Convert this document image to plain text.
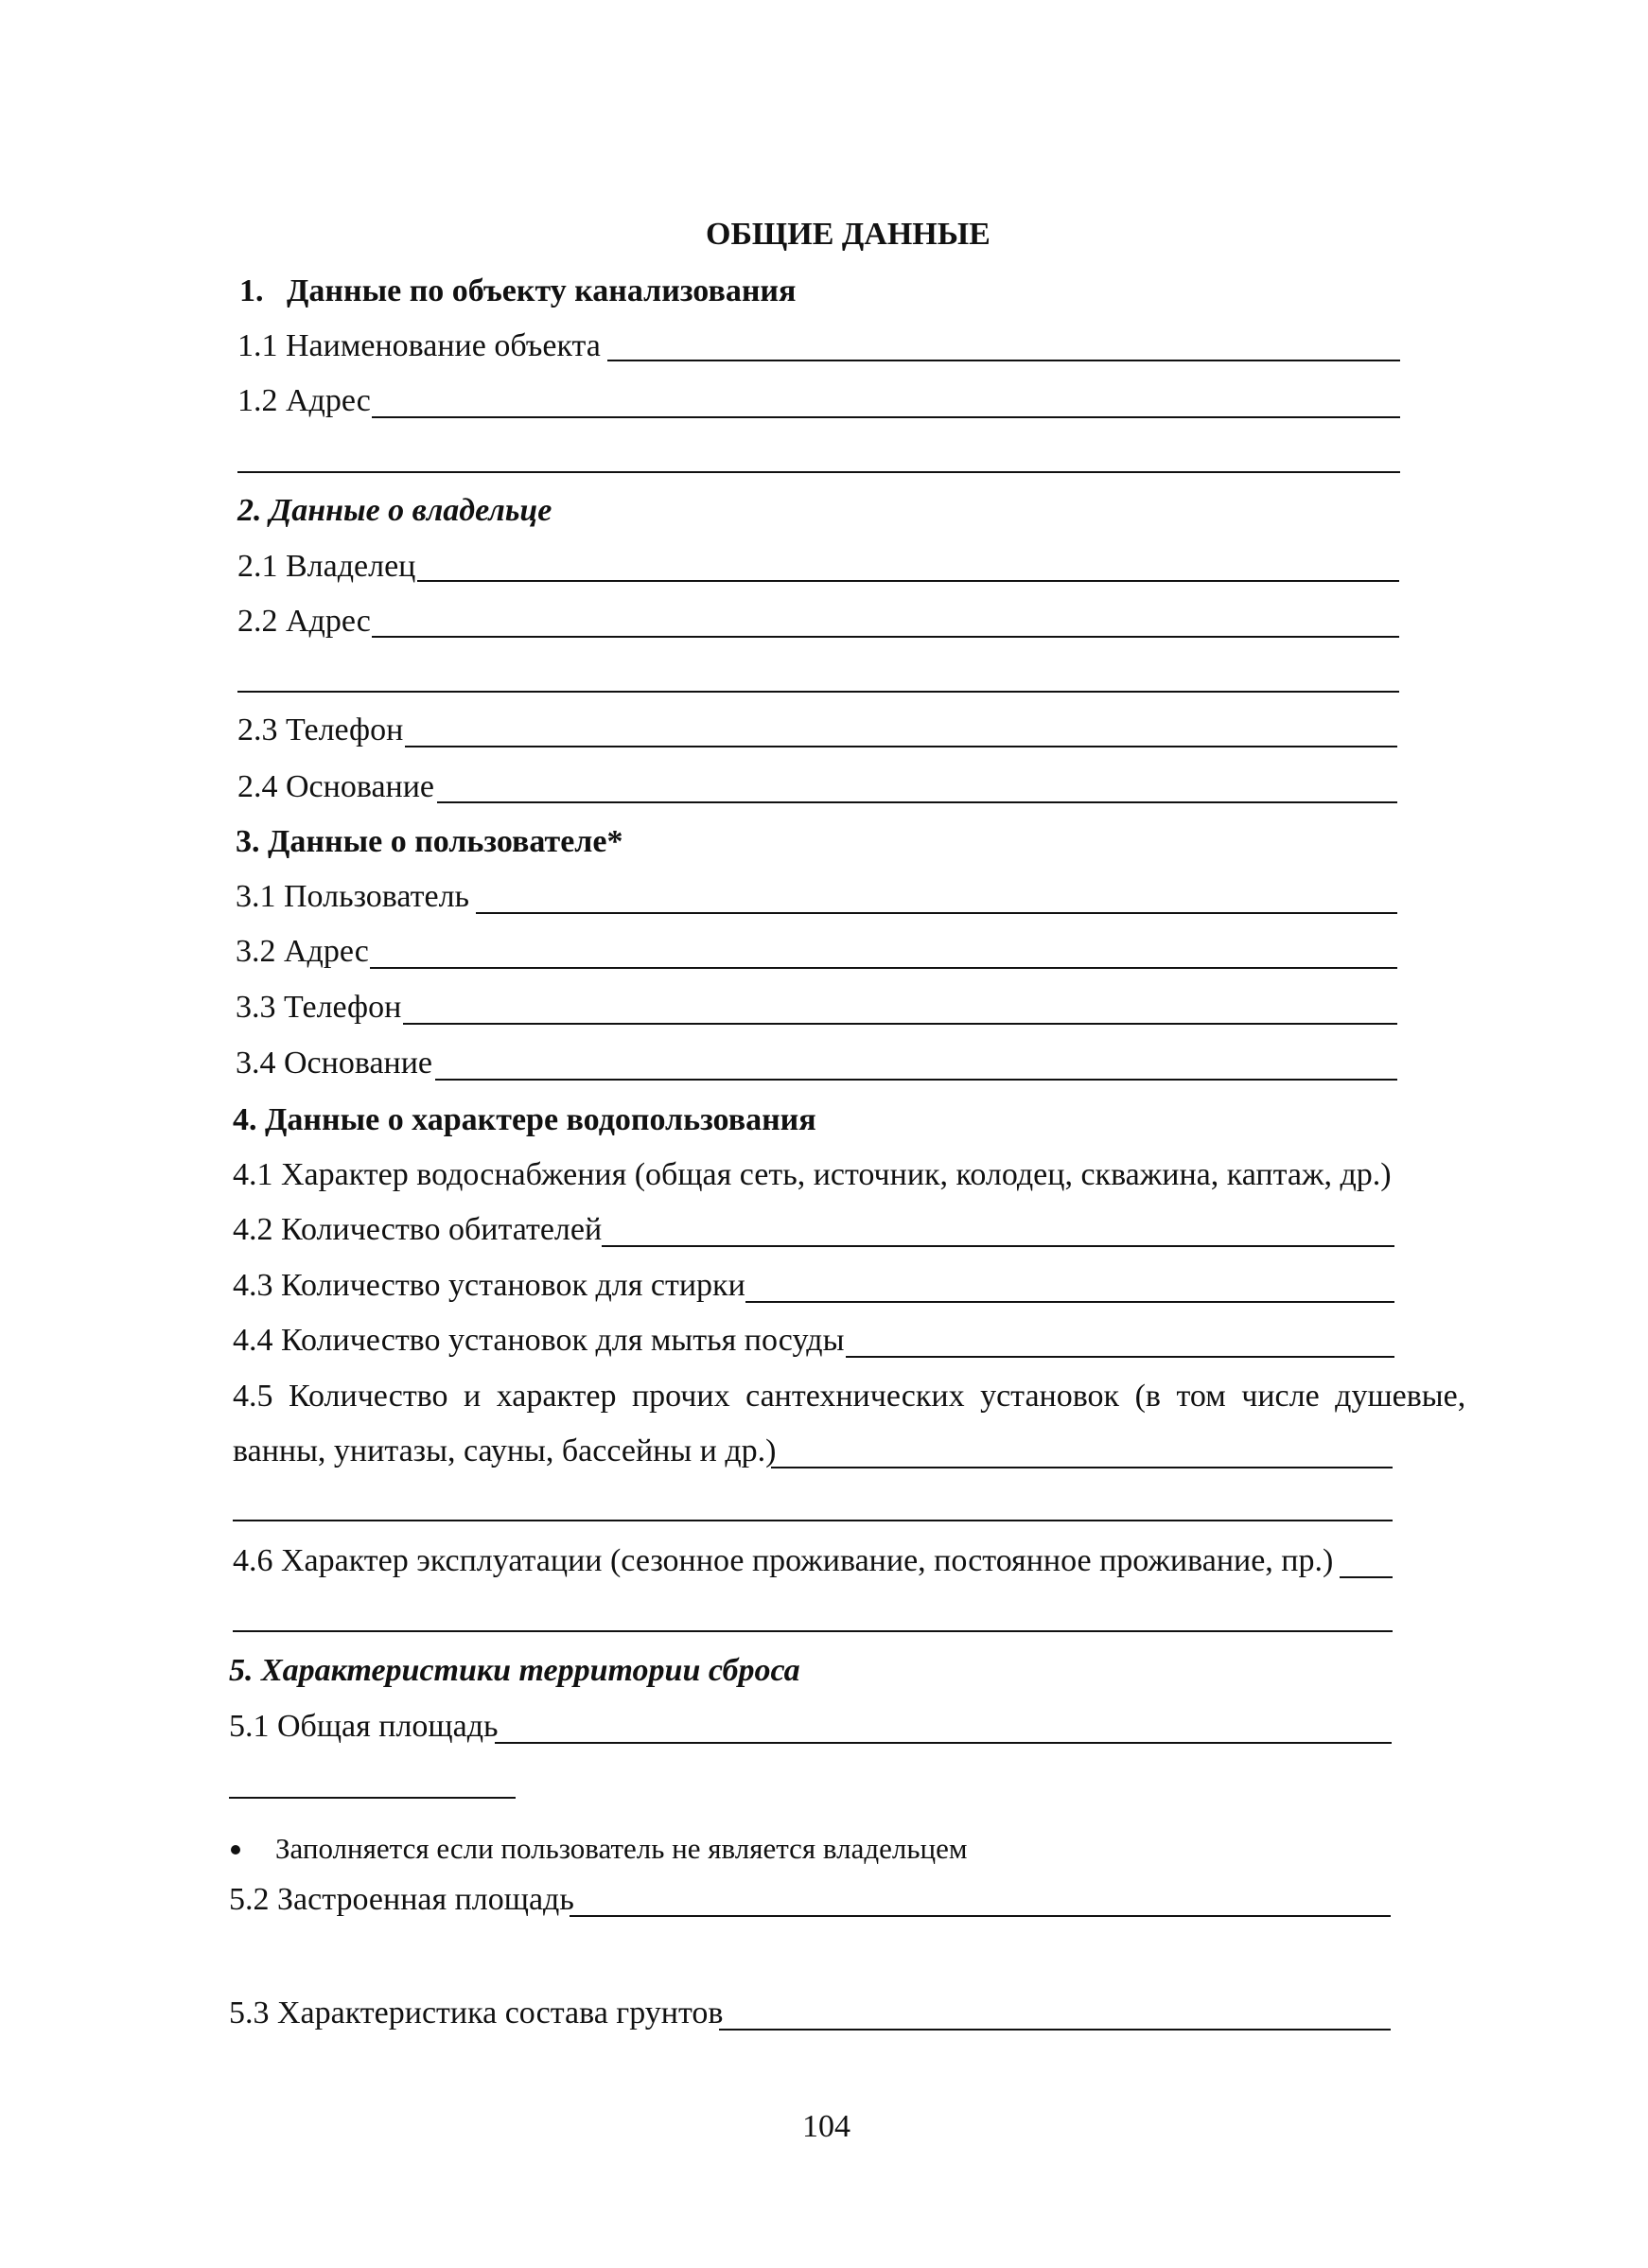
ОБЩИЕ ДАННЫЕ
1. Данные по объекту канализования
1.1 Наименование объекта
1.2 Адрес
2. Данные о владельце
2.1 Владелец
2.2 Адрес
2.3 Телефон
2.4 Основание
3. Данные о пользователе*
3.1 Пользователь
3.2 Адрес
3.3 Телефон
3.4 Основание
4. Данные о характере водопользования
4.1 Характер водоснабжения (общая сеть, источник, колодец, скважина, каптаж, др.)
4.2 Количество обитателей
4.3 Количество установок для стирки
4.4 Количество установок для мытья посуды
4.5 Количество и характер прочих сантехнических установок (в том числе душевые,
ванны, унитазы, сауны, бассейны и др.)
4.6 Характер эксплуатации (сезонное проживание, постоянное проживание, пр.)
5. Характеристики территории сброса
5.1 Общая площадь
Заполняется если пользователь не является владельцем
5.2 Застроенная площадь
5.3 Характеристика состава грунтов
104
